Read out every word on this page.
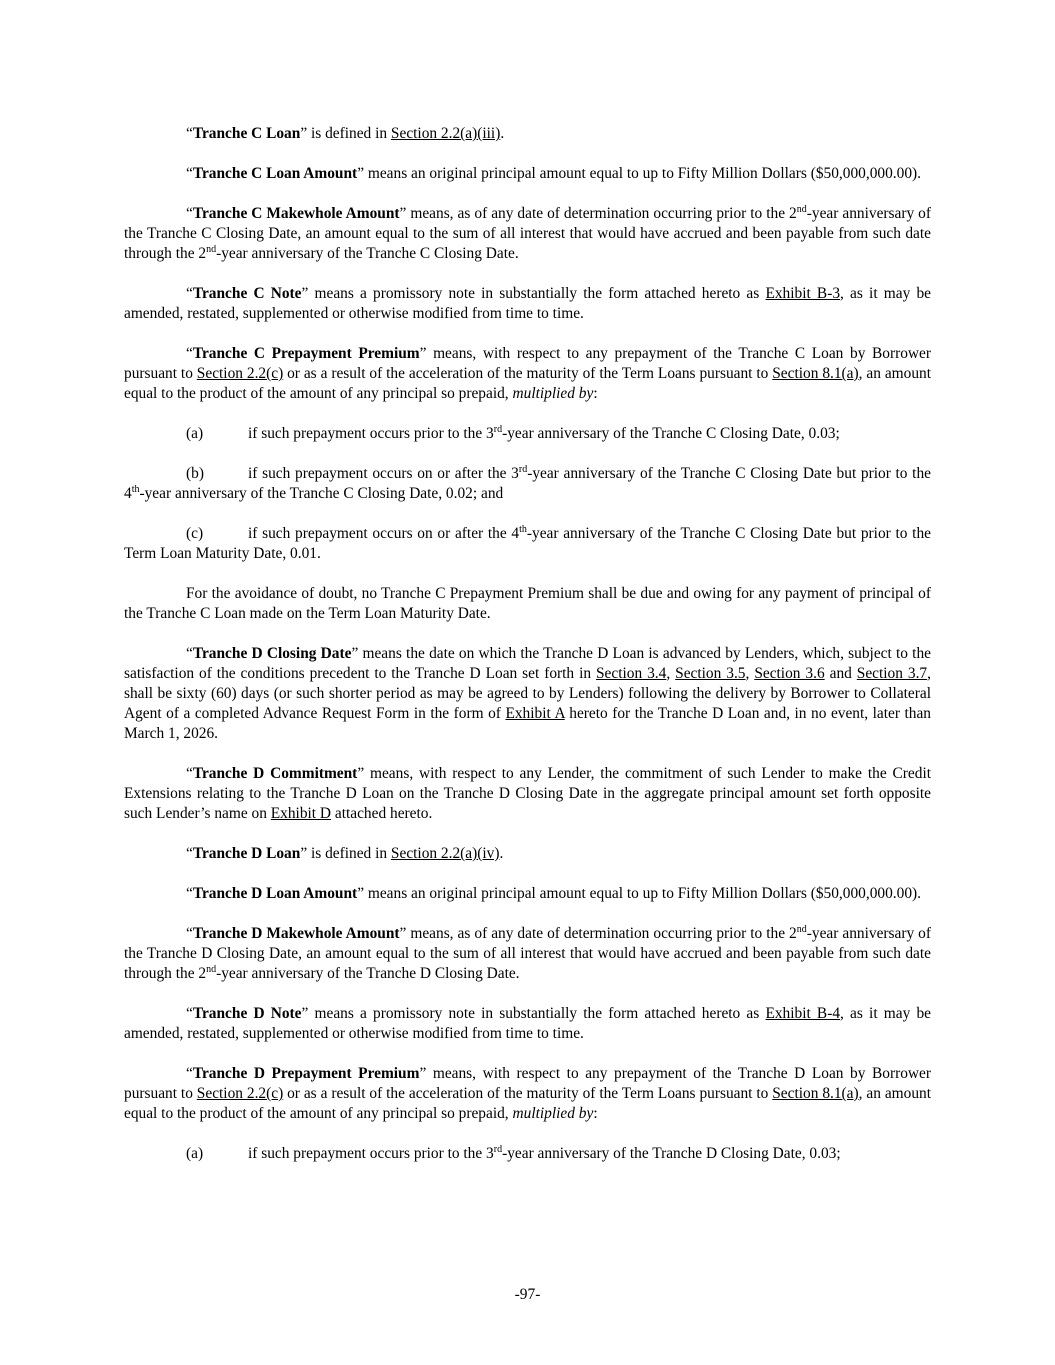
“Tranche C Loan” is defined in Section 2.2(a)(iii).

“Tranche C Loan Amount” means an original principal amount equal to up to Fifty Million Dollars ($50,000,000.00).

“Tranche C Makewhole Amount” means, as of any date of determination occurring prior to the 2nd-year anniversary of the Tranche C Closing Date, an amount equal to the sum of all interest that would have accrued and been payable from such date through the 2nd-year anniversary of the Tranche C Closing Date.

“Tranche C Note” means a promissory note in substantially the form attached hereto as Exhibit B-3, as it may be amended, restated, supplemented or otherwise modified from time to time.

“Tranche C Prepayment Premium” means, with respect to any prepayment of the Tranche C Loan by Borrower pursuant to Section 2.2(c) or as a result of the acceleration of the maturity of the Term Loans pursuant to Section 8.1(a), an amount equal to the product of the amount of any principal so prepaid, multiplied by:

(a)	if such prepayment occurs prior to the 3rd-year anniversary of the Tranche C Closing Date, 0.03;

(b)	if such prepayment occurs on or after the 3rd-year anniversary of the Tranche C Closing Date but prior to the 4th-year anniversary of the Tranche C Closing Date, 0.02; and

(c)	if such prepayment occurs on or after the 4th-year anniversary of the Tranche C Closing Date but prior to the Term Loan Maturity Date, 0.01.

For the avoidance of doubt, no Tranche C Prepayment Premium shall be due and owing for any payment of principal of the Tranche C Loan made on the Term Loan Maturity Date.

“Tranche D Closing Date” means the date on which the Tranche D Loan is advanced by Lenders, which, subject to the satisfaction of the conditions precedent to the Tranche D Loan set forth in Section 3.4, Section 3.5, Section 3.6 and Section 3.7, shall be sixty (60) days (or such shorter period as may be agreed to by Lenders) following the delivery by Borrower to Collateral Agent of a completed Advance Request Form in the form of Exhibit A hereto for the Tranche D Loan and, in no event, later than March 1, 2026.

“Tranche D Commitment” means, with respect to any Lender, the commitment of such Lender to make the Credit Extensions relating to the Tranche D Loan on the Tranche D Closing Date in the aggregate principal amount set forth opposite such Lender’s name on Exhibit D attached hereto.

“Tranche D Loan” is defined in Section 2.2(a)(iv).

“Tranche D Loan Amount” means an original principal amount equal to up to Fifty Million Dollars ($50,000,000.00).

“Tranche D Makewhole Amount” means, as of any date of determination occurring prior to the 2nd-year anniversary of the Tranche D Closing Date, an amount equal to the sum of all interest that would have accrued and been payable from such date through the 2nd-year anniversary of the Tranche D Closing Date.

“Tranche D Note” means a promissory note in substantially the form attached hereto as Exhibit B-4, as it may be amended, restated, supplemented or otherwise modified from time to time.

“Tranche D Prepayment Premium” means, with respect to any prepayment of the Tranche D Loan by Borrower pursuant to Section 2.2(c) or as a result of the acceleration of the maturity of the Term Loans pursuant to Section 8.1(a), an amount equal to the product of the amount of any principal so prepaid, multiplied by:

(a)	if such prepayment occurs prior to the 3rd-year anniversary of the Tranche D Closing Date, 0.03;

-97-
